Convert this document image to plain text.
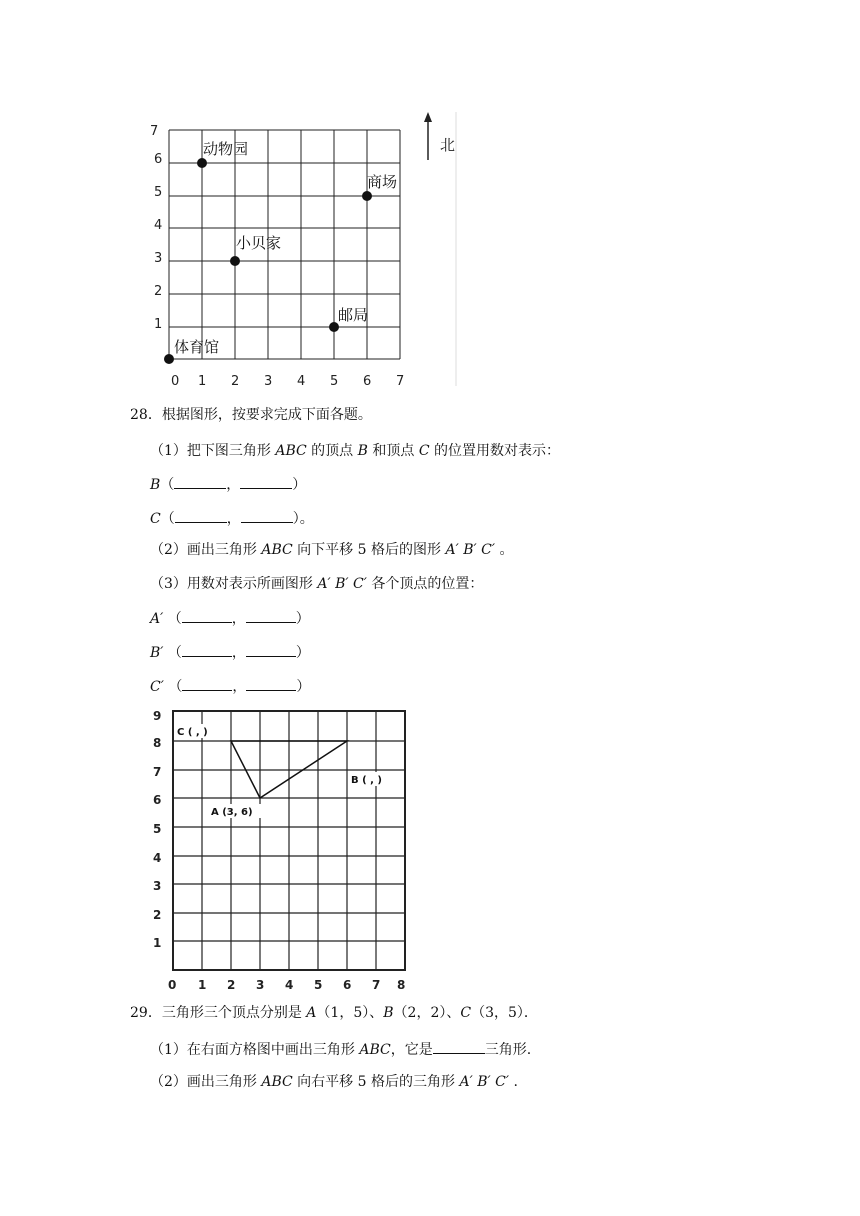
7
6
5
4
3
2
1
0 1 2 3 4 5 6 7
动物园
商场
小贝家
邮局
体育馆
北
28．根据图形，按要求完成下面各题。
（1）把下图三角形 ABC 的顶点 B 和顶点 C 的位置用数对表示：
B（	，	）
C（	，	）。
（2）画出三角形 ABC 向下平移 5 格后的图形 A′ B′ C′ 。
（3）用数对表示所画图形 A′ B′ C′ 各个顶点的位置：
A′ （	，	）
B′ （	，	）
C′ （	，	）
9
8
7
6
5
4
3
2
1
0 1 2 3 4 5 6 7 8
C ( , )
B ( , )
A (3, 6)
29．三角形三个顶点分别是 A（1，5）、B（2，2）、C（3，5）．
（1）在右面方格图中画出三角形 ABC，它是	三角形.
（2）画出三角形 ABC 向右平移 5 格后的三角形 A′ B′ C′ .
